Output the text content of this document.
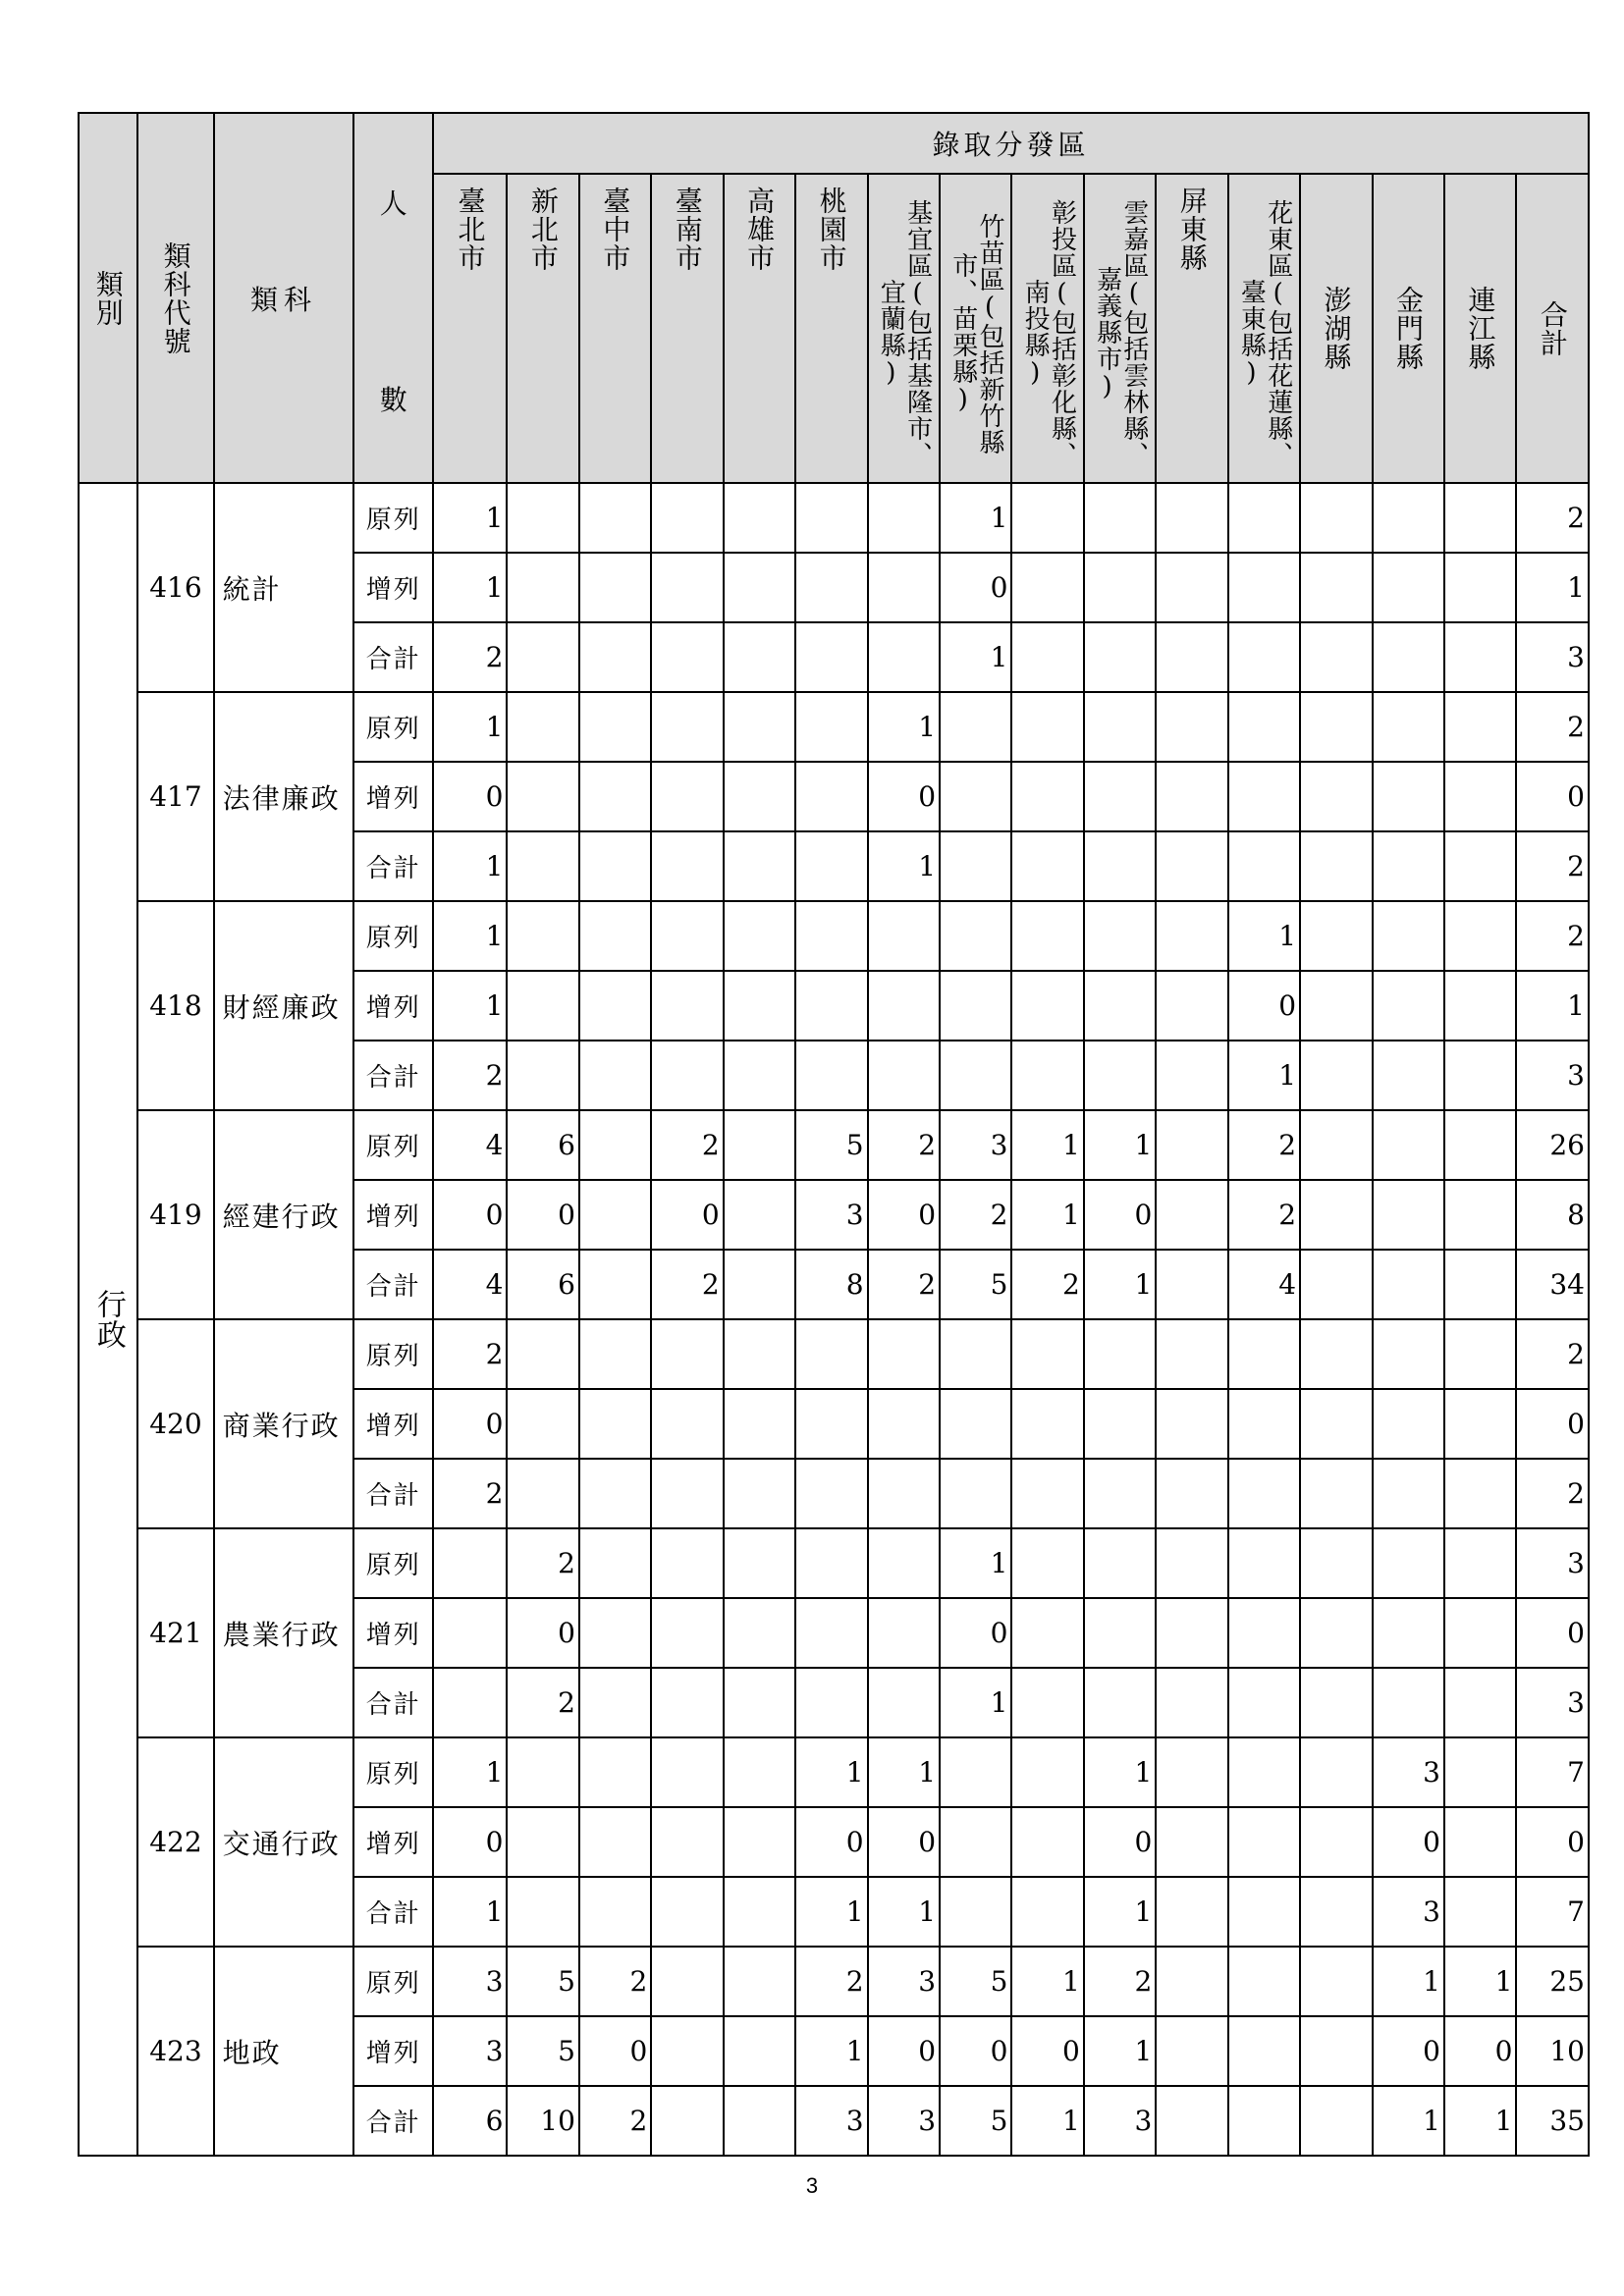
類別	類科代號	類科	人
數	錄取分發區															

				臺北市	新北市	臺中市	臺南市	高雄市	桃園市	基宜區(包括基隆市、宜蘭縣)	竹苗區(包括新竹縣市、苗栗縣)	彰投區(包括彰化縣、南投縣)	雲嘉區(包括雲林縣、嘉義縣市)	屏東縣	花東區(包括花蓮縣、臺東縣)	澎湖縣	金門縣	連江縣	合計

行政	416	統計	原列	1							1								2
			增列	1							0								1
			合計	2							1								3
	417	法律廉政	原列	1						1									2
			增列	0						0									0
			合計	1						1									2
	418	財經廉政	原列	1											1				2
			增列	1											0				1
			合計	2											1				3
	419	經建行政	原列	4	6		2		5	2	3	1	1		2				26
			增列	0	0		0		3	0	2	1	0		2				8
			合計	4	6		2		8	2	5	2	1		4				34
	420	商業行政	原列	2															2
			增列	0															0
			合計	2															2
	421	農業行政	原列		2						1								3
			增列		0						0								0
			合計		2						1								3
	422	交通行政	原列	1					1	1			1				3		7
			增列	0					0	0			0				0		0
			合計	1					1	1			1				3		7
	423	地政	原列	3	5	2			2	3	5	1	2				1	1	25
			增列	3	5	0			1	0	0	0	1				0	0	10
			合計	6	10	2			3	3	5	1	3				1	1	35
3
